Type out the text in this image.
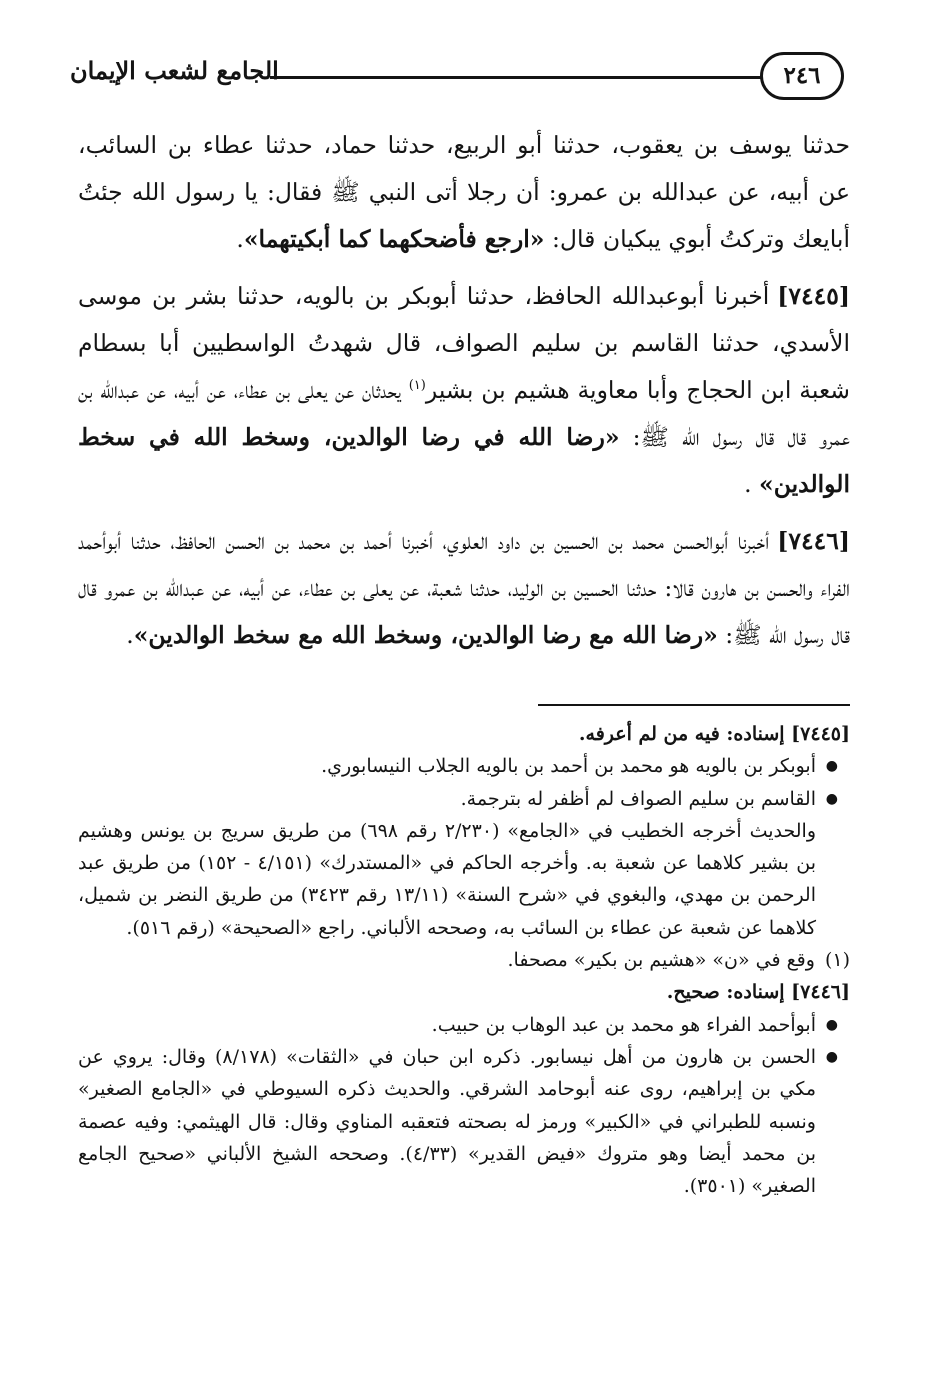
الجامع لشعب الإيمان	٢٤٦

حدثنا يوسف بن يعقوب، حدثنا أبو الربيع، حدثنا حماد، حدثنا عطاء بن السائب، عن أبيه، عن عبدالله بن عمرو: أن رجلا أتى النبي ﷺ فقال: يا رسول الله جئتُ أبايعك وتركتُ أبوي يبكيان قال: «ارجع فأضحكهما كما أبكيتهما».

[٧٤٤٥]أخبرنا أبوعبدالله الحافظ، حدثنا أبوبكر بن بالويه، حدثنا بشر بن موسى الأسدي، حدثنا القاسم بن سليم الصواف، قال شهدتُ الواسطيين أبا بسطام شعبة ابن الحجاج وأبا معاوية هشيم بن بشير$^{(١)}$ يحدثان عن يعلى بن عطاء، عن أبيه، عن عبدالله بن عمرو قال قال رسول الله ﷺ: «رضا الله في رضا الوالدين، وسخط الله في سخط الوالدين» .

[٧٤٤٦]أخبرنا أبوالحسن محمد بن الحسين بن داود العلوي، أخبرنا أحمد بن محمد بن الحسن الحافظ، حدثنا أبوأحمد الفراء والحسن بن هارون قالا: حدثنا الحسين بن الوليد، حدثنا شعبة، عن يعلى بن عطاء، عن أبيه، عن عبدالله بن عمرو قال قال رسول الله ﷺ: «رضا الله مع رضا الوالدين، وسخط الله مع سخط الوالدين».

[٧٤٤٥] إسناده: فيه من لم أعرفه.

● أبوبكر بن بالويه هو محمد بن أحمد بن بالويه الجلاب النيسابوري.

● القاسم بن سليم الصواف لم أظفر له بترجمة.

والحديث أخرجه الخطيب في «الجامع» (٢/٢٣٠ رقم ٦٩٨) من طريق سريج بن يونس وهشيم بن بشير كلاهما عن شعبة به. وأخرجه الحاكم في «المستدرك» (٤/١٥١ - ١٥٢) من طريق عبد الرحمن بن مهدي، والبغوي في «شرح السنة» (١٣/١١ رقم ٣٤٢٣) من طريق النضر بن شميل، كلاهما عن شعبة عن عطاء بن السائب به، وصححه الألباني. راجع «الصحيحة» (رقم ٥١٦).

(١)وقع في «ن» «هشيم بن بكير» مصحفا.

[٧٤٤٦] إسناده: صحيح.

● أبوأحمد الفراء هو محمد بن عبد الوهاب بن حبيب.

● الحسن بن هارون من أهل نيسابور. ذكره ابن حبان في «الثقات» (٨/١٧٨) وقال: يروي عن مكي بن إبراهيم، روى عنه أبوحامد الشرقي. والحديث ذكره السيوطي في «الجامع الصغير» ونسبه للطبراني في «الكبير» ورمز له بصحته فتعقبه المناوي وقال: قال الهيثمي: وفيه عصمة بن محمد أيضا وهو متروك «فيض القدير» (٤/٣٣). وصححه الشيخ الألباني «صحيح الجامع الصغير» (٣٥٠١).
